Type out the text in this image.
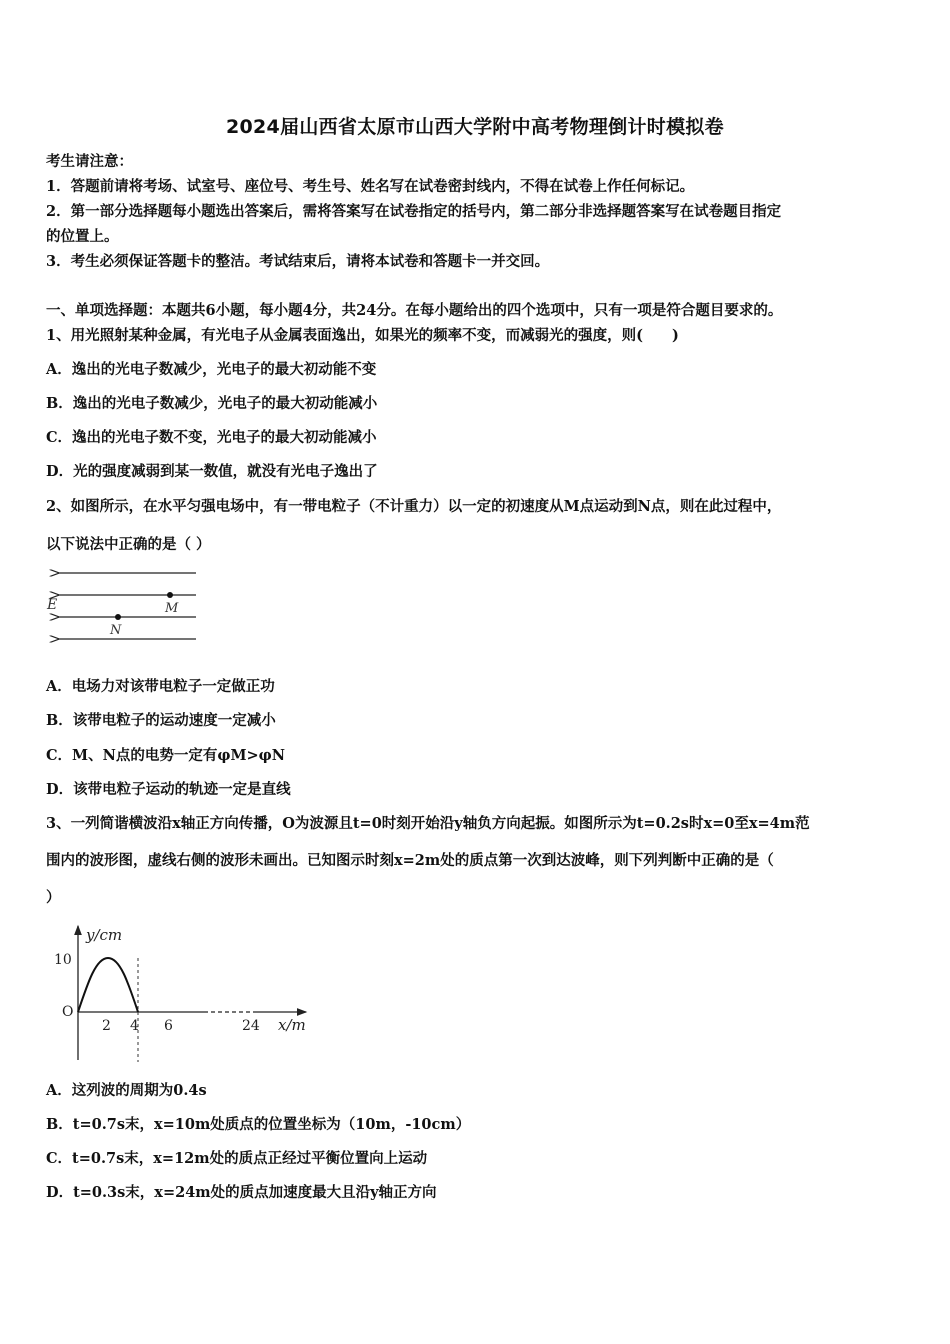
2024届山西省太原市山西大学附中高考物理倒计时模拟卷
考生请注意：
1．答题前请将考场、试室号、座位号、考生号、姓名写在试卷密封线内，不得在试卷上作任何标记。
2．第一部分选择题每小题选出答案后，需将答案写在试卷指定的括号内，第二部分非选择题答案写在试卷题目指定
的位置上。
3．考生必须保证答题卡的整洁。考试结束后，请将本试卷和答题卡一并交回。
一、单项选择题：本题共6小题，每小题4分，共24分。在每小题给出的四个选项中，只有一项是符合题目要求的。
1、用光照射某种金属，有光电子从金属表面逸出，如果光的频率不变，而减弱光的强度，则(　　)
A．逸出的光电子数减少，光电子的最大初动能不变
B．逸出的光电子数减少，光电子的最大初动能减小
C．逸出的光电子数不变，光电子的最大初动能减小
D．光的强度减弱到某一数值，就没有光电子逸出了
2、如图所示，在水平匀强电场中，有一带电粒子（不计重力）以一定的初速度从M点运动到N点，则在此过程中，
以下说法中正确的是（ ）
E	M
N
A．电场力对该带电粒子一定做正功
B．该带电粒子的运动速度一定减小
C．M、N点的电势一定有φM>φN
D．该带电粒子运动的轨迹一定是直线
3、一列简谐横波沿x轴正方向传播，O为波源且t=0时刻开始沿y轴负方向起振。如图所示为t=0.2s时x=0至x=4m范
围内的波形图，虚线右侧的波形未画出。已知图示时刻x=2m处的质点第一次到达波峰，则下列判断中正确的是（
）
y/cm
10
O
2 4 6	24 x/m
A．这列波的周期为0.4s
B．t=0.7s末，x=10m处质点的位置坐标为（10m，-10cm）
C．t=0.7s末，x=12m处的质点正经过平衡位置向上运动
D．t=0.3s末，x=24m处的质点加速度最大且沿y轴正方向
